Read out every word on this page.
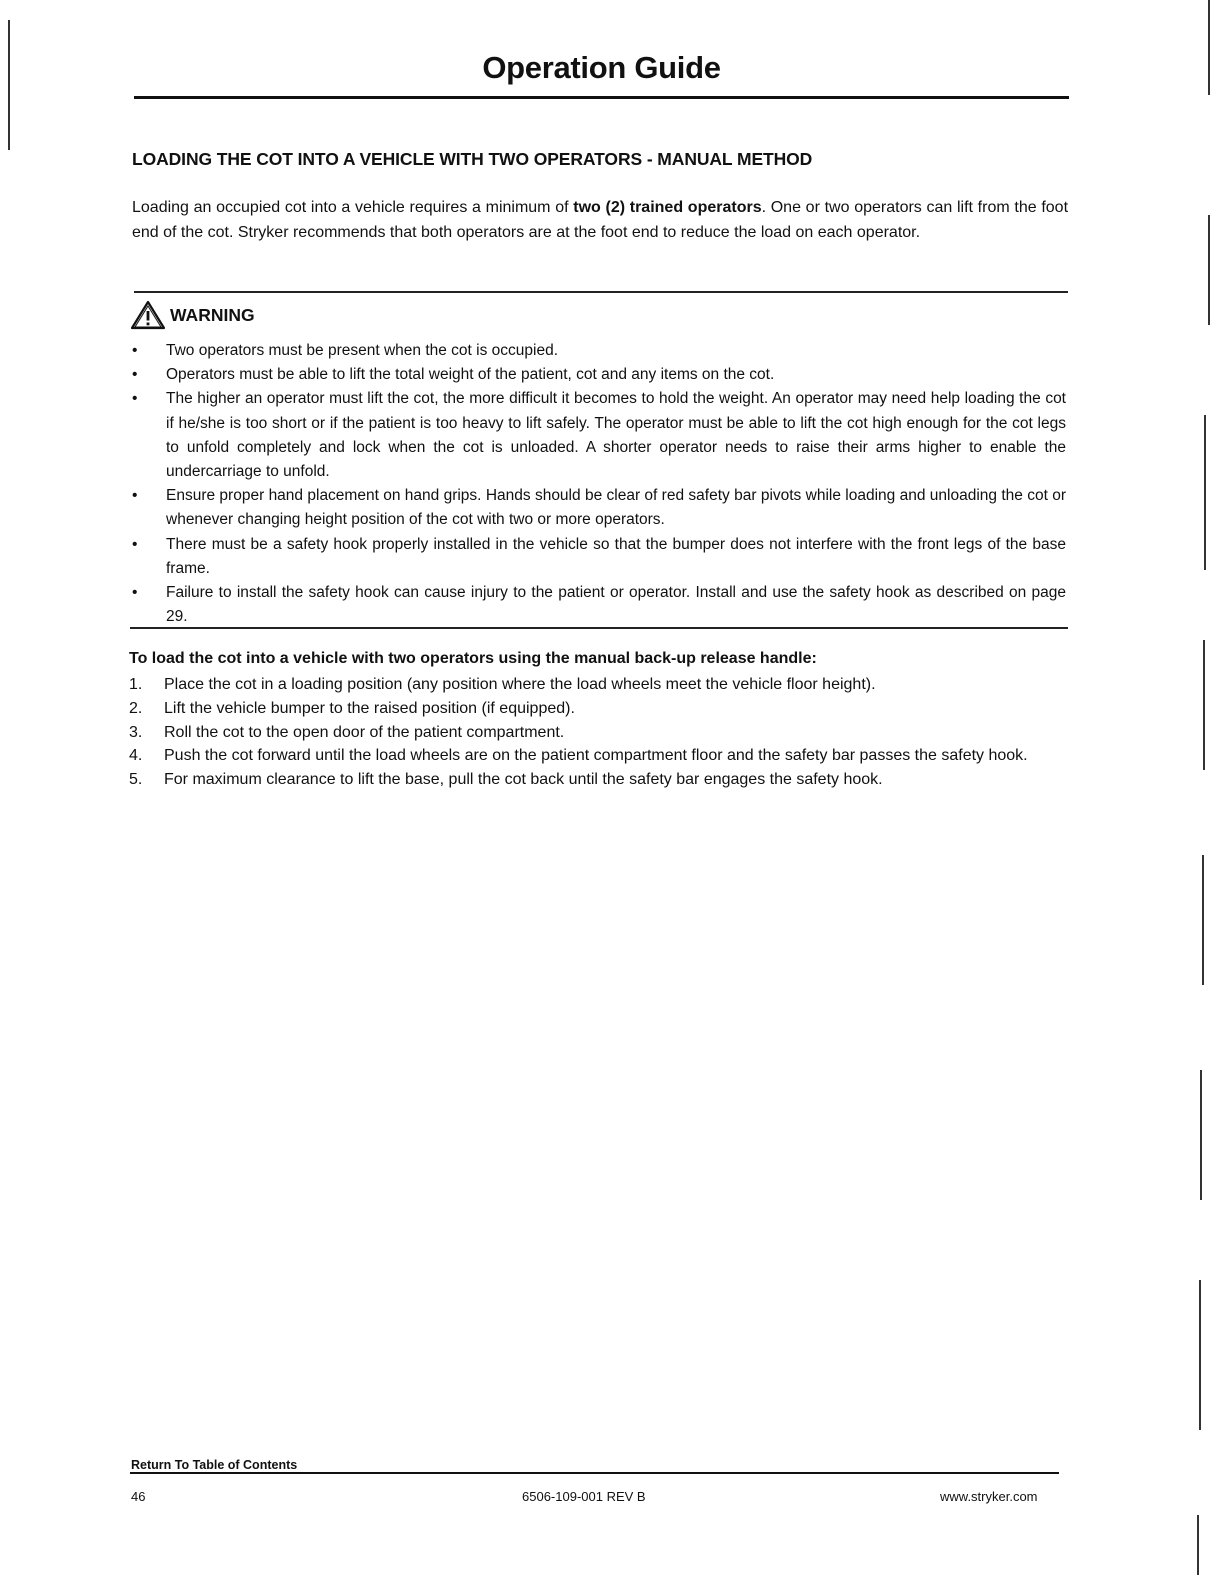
Operation Guide
LOADING THE COT INTO A VEHICLE WITH TWO OPERATORS - MANUAL METHOD

Loading an occupied cot into a vehicle requires a minimum of two (2) trained operators. One or two operators can lift from the foot end of the cot. Stryker recommends that both operators are at the foot end to reduce the load on each operator.

WARNING
• Two operators must be present when the cot is occupied.
• Operators must be able to lift the total weight of the patient, cot and any items on the cot.
• The higher an operator must lift the cot, the more difficult it becomes to hold the weight. An operator may need help loading the cot if he/she is too short or if the patient is too heavy to lift safely. The operator must be able to lift the cot high enough for the cot legs to unfold completely and lock when the cot is unloaded. A shorter operator needs to raise their arms higher to enable the undercarriage to unfold.
• Ensure proper hand placement on hand grips. Hands should be clear of red safety bar pivots while loading and unloading the cot or whenever changing height position of the cot with two or more operators.
• There must be a safety hook properly installed in the vehicle so that the bumper does not interfere with the front legs of the base frame.
• Failure to install the safety hook can cause injury to the patient or operator. Install and use the safety hook as described on page 29.
To load the cot into a vehicle with two operators using the manual back-up release handle:
1. Place the cot in a loading position (any position where the load wheels meet the vehicle floor height).
2. Lift the vehicle bumper to the raised position (if equipped).
3. Roll the cot to the open door of the patient compartment.
4. Push the cot forward until the load wheels are on the patient compartment floor and the safety bar passes the safety hook.
5. For maximum clearance to lift the base, pull the cot back until the safety bar engages the safety hook.
Return To Table of Contents
46	6506-109-001 REV B	www.stryker.com
